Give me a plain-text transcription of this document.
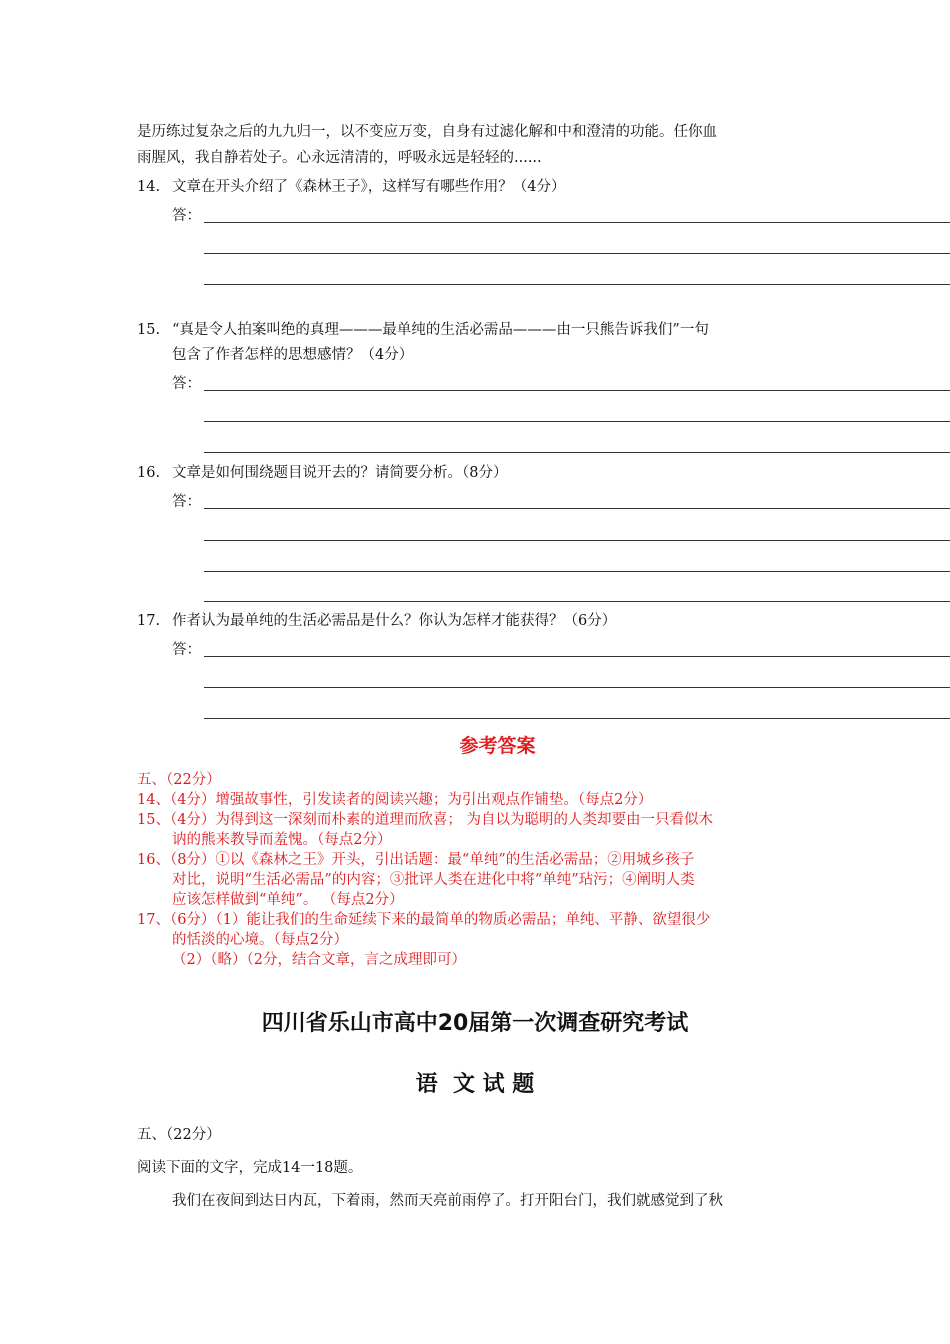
是历练过复杂之后的九九归一，以不变应万变，自身有过滤化解和中和澄清的功能。任你血
雨腥风，我自静若处子。心永远清清的，呼吸永远是轻轻的......
14. 文章在开头介绍了《森林王子》，这样写有哪些作用？（4分）
答：
15. “真是令人拍案叫绝的真理———最单纯的生活必需品———由一只熊告诉我们”一句
包含了作者怎样的思想感情？（4分）
答：
16. 文章是如何围绕题目说开去的？请简要分析。（8分）
答：
17. 作者认为最单纯的生活必需品是什么？你认为怎样才能获得？（6分）
答：
参考答案
五、（22分）
14、（4分）增强故事性，引发读者的阅读兴趣；为引出观点作铺垫。（每点2分）
15、（4分）为得到这一深刻而朴素的道理而欣喜； 为自以为聪明的人类却要由一只看似木
讷的熊来教导而羞愧。（每点2分）
16、（8分）①以《森林之王》开头，引出话题：最“单纯”的生活必需品；②用城乡孩子
对比，说明“生活必需品”的内容；③批评人类在进化中将“单纯”玷污；④阐明人类
应该怎样做到“单纯”。 （每点2分）
17、（6分）（1）能让我们的生命延续下来的最简单的物质必需品；单纯、平静、欲望很少
的恬淡的心境。（每点2分）
（2）（略）（2分，结合文章，言之成理即可）
四川省乐山市高中20届第一次调查研究考试
语  文 试 题
五、（22分）
阅读下面的文字，完成14一18题。
我们在夜间到达日内瓦，下着雨，然而天亮前雨停了。打开阳台门，我们就感觉到了秋
